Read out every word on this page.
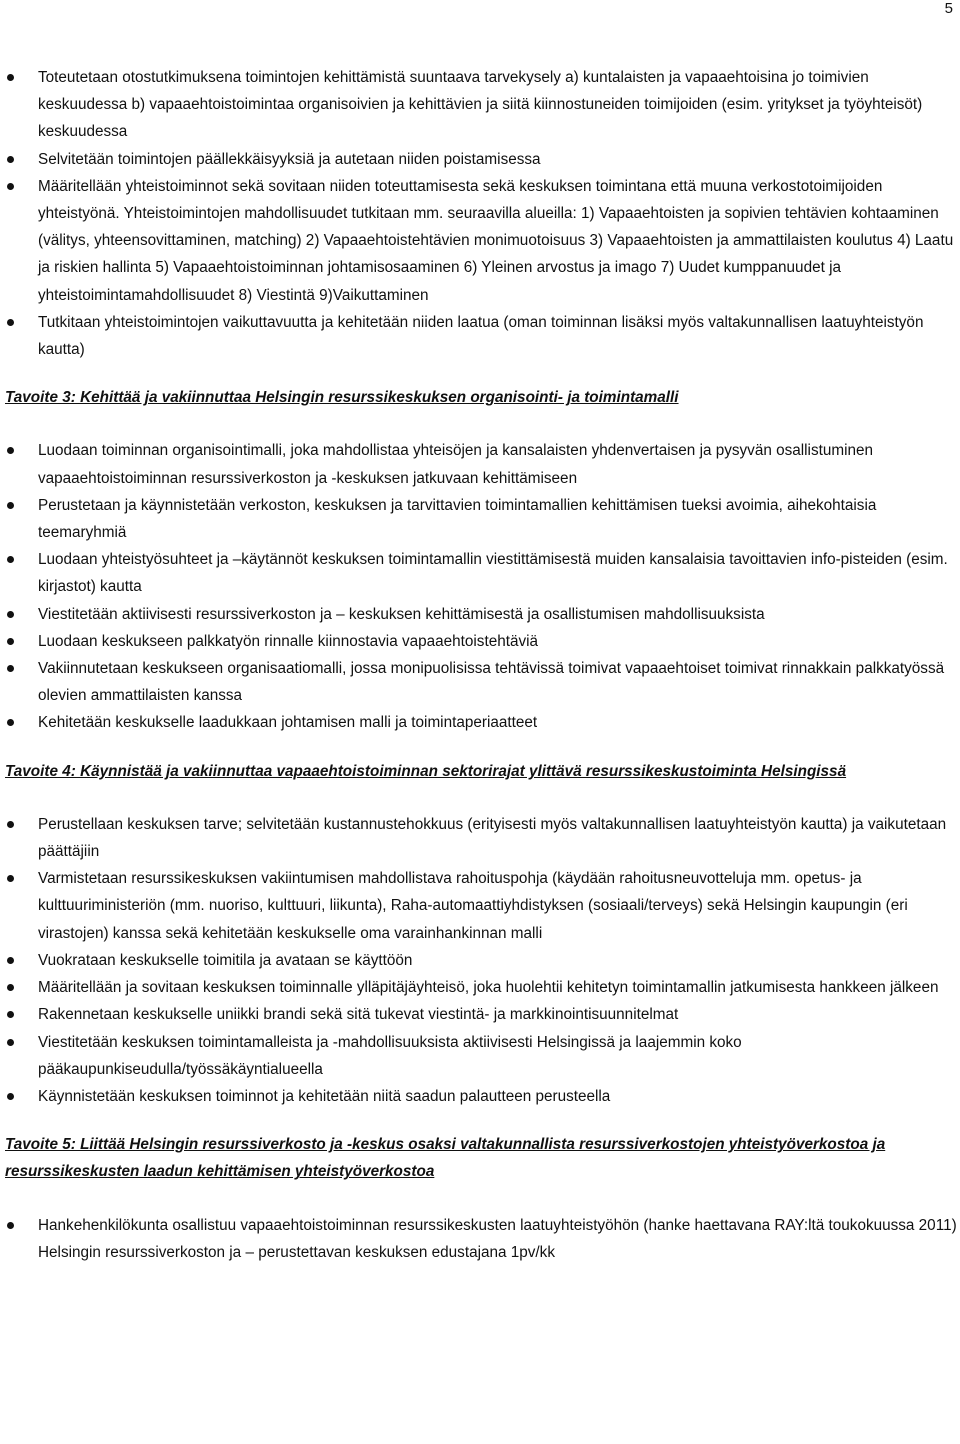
5
Toteutetaan otostutkimuksena toimintojen kehittämistä suuntaava tarvekysely a) kuntalaisten ja vapaaehtoisina jo toimivien keskuudessa b) vapaaehtoistoimintaa organisoivien ja kehittävien ja siitä kiinnostuneiden toimijoiden (esim. yritykset ja työyhteisöt) keskuudessa
Selvitetään toimintojen päällekkäisyyksiä ja autetaan niiden poistamisessa
Määritellään yhteistoiminnot sekä sovitaan niiden toteuttamisesta sekä keskuksen toimintana että muuna verkostotoimijoiden yhteistyönä. Yhteistoimintojen mahdollisuudet tutkitaan mm. seuraavilla alueilla: 1) Vapaaehtoisten ja sopivien tehtävien kohtaaminen (välitys, yhteensovittaminen, matching) 2) Vapaaehtoistehtävien monimuotoisuus 3) Vapaaehtoisten ja ammattilaisten koulutus 4) Laatu ja riskien hallinta 5) Vapaaehtoistoiminnan johtamisosaaminen 6) Yleinen arvostus ja imago 7) Uudet kumppanuudet ja yhteistoimintamahdollisuudet 8) Viestintä 9)Vaikuttaminen
Tutkitaan yhteistoimintojen vaikuttavuutta ja kehitetään niiden laatua (oman toiminnan lisäksi myös valtakunnallisen laatuyhteistyön kautta)

Tavoite 3: Kehittää ja vakiinnuttaa Helsingin resurssikeskuksen organisointi- ja toimintamalli

Luodaan toiminnan organisointimalli, joka mahdollistaa yhteisöjen ja kansalaisten yhdenvertaisen ja pysyvän osallistuminen vapaaehtoistoiminnan resurssiverkoston ja -keskuksen jatkuvaan kehittämiseen
Perustetaan ja käynnistetään verkoston, keskuksen ja tarvittavien toimintamallien kehittämisen tueksi avoimia, aihekohtaisia teemaryhmiä
Luodaan yhteistyösuhteet ja –käytännöt keskuksen toimintamallin viestittämisestä muiden kansalaisia tavoittavien info-pisteiden (esim. kirjastot) kautta
Viestitetään aktiivisesti resurssiverkoston ja – keskuksen kehittämisestä ja osallistumisen mahdollisuuksista
Luodaan keskukseen palkkatyön rinnalle kiinnostavia vapaaehtoistehtäviä
Vakiinnutetaan keskukseen organisaatiomalli, jossa monipuolisissa tehtävissä toimivat vapaaehtoiset toimivat rinnakkain palkkatyössä olevien ammattilaisten kanssa
Kehitetään keskukselle laadukkaan johtamisen malli ja toimintaperiaatteet

Tavoite 4: Käynnistää ja vakiinnuttaa vapaaehtoistoiminnan sektorirajat ylittävä resurssikeskustoiminta Helsingissä

Perustellaan keskuksen tarve; selvitetään kustannustehokkuus (erityisesti myös valtakunnallisen laatuyhteistyön kautta) ja vaikutetaan päättäjiin
Varmistetaan resurssikeskuksen vakiintumisen mahdollistava rahoituspohja (käydään rahoitusneuvotteluja mm. opetus- ja kulttuuriministeriön (mm. nuoriso, kulttuuri, liikunta), Raha-automaattiyhdistyksen (sosiaali/terveys) sekä Helsingin kaupungin (eri virastojen) kanssa sekä kehitetään keskukselle oma varainhankinnan malli
Vuokrataan keskukselle toimitila ja avataan se käyttöön
Määritellään ja sovitaan keskuksen toiminnalle ylläpitäjäyhteisö, joka huolehtii kehitetyn toimintamallin jatkumisesta hankkeen jälkeen
Rakennetaan keskukselle uniikki brandi sekä sitä tukevat viestintä- ja markkinointisuunnitelmat
Viestitetään keskuksen toimintamalleista ja -mahdollisuuksista aktiivisesti Helsingissä ja laajemmin koko pääkaupunkiseudulla/työssäkäyntialueella
Käynnistetään keskuksen toiminnot ja kehitetään niitä saadun palautteen perusteella

Tavoite 5: Liittää Helsingin resurssiverkosto ja -keskus osaksi valtakunnallista resurssiverkostojen yhteistyöverkostoa ja resurssikeskusten laadun kehittämisen yhteistyöverkostoa

Hankehenkilökunta osallistuu vapaaehtoistoiminnan resurssikeskusten laatuyhteistyöhön (hanke haettavana RAY:ltä toukokuussa 2011) Helsingin resurssiverkoston ja – perustettavan keskuksen edustajana 1pv/kk
